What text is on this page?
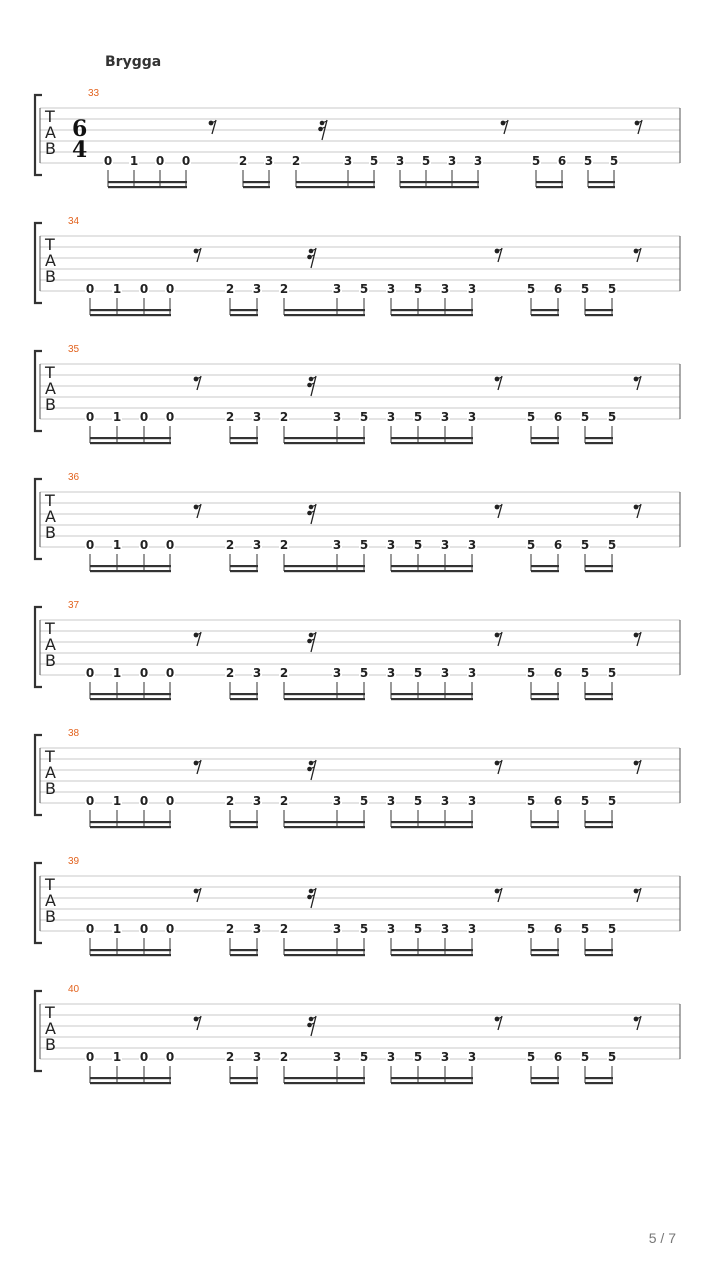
Brygga
T
A
B
6
4
33
0 1 0 0	2 3 2	3 5 3 5 3 3	5 6 5 5
T
A
B
34
0 1 0 0	2 3 2	3 5 3 5 3 3	5 6 5 5
T
A
B
35
0 1 0 0	2 3 2	3 5 3 5 3 3	5 6 5 5
T
A
B
36
0 1 0 0	2 3 2	3 5 3 5 3 3	5 6 5 5
T
A
B
37
0 1 0 0	2 3 2	3 5 3 5 3 3	5 6 5 5
T
A
B
38
0 1 0 0	2 3 2	3 5 3 5 3 3	5 6 5 5
T
A
B
39
0 1 0 0	2 3 2	3 5 3 5 3 3	5 6 5 5
T
A
B
40
0 1 0 0	2 3 2	3 5 3 5 3 3	5 6 5 5
5 / 7
